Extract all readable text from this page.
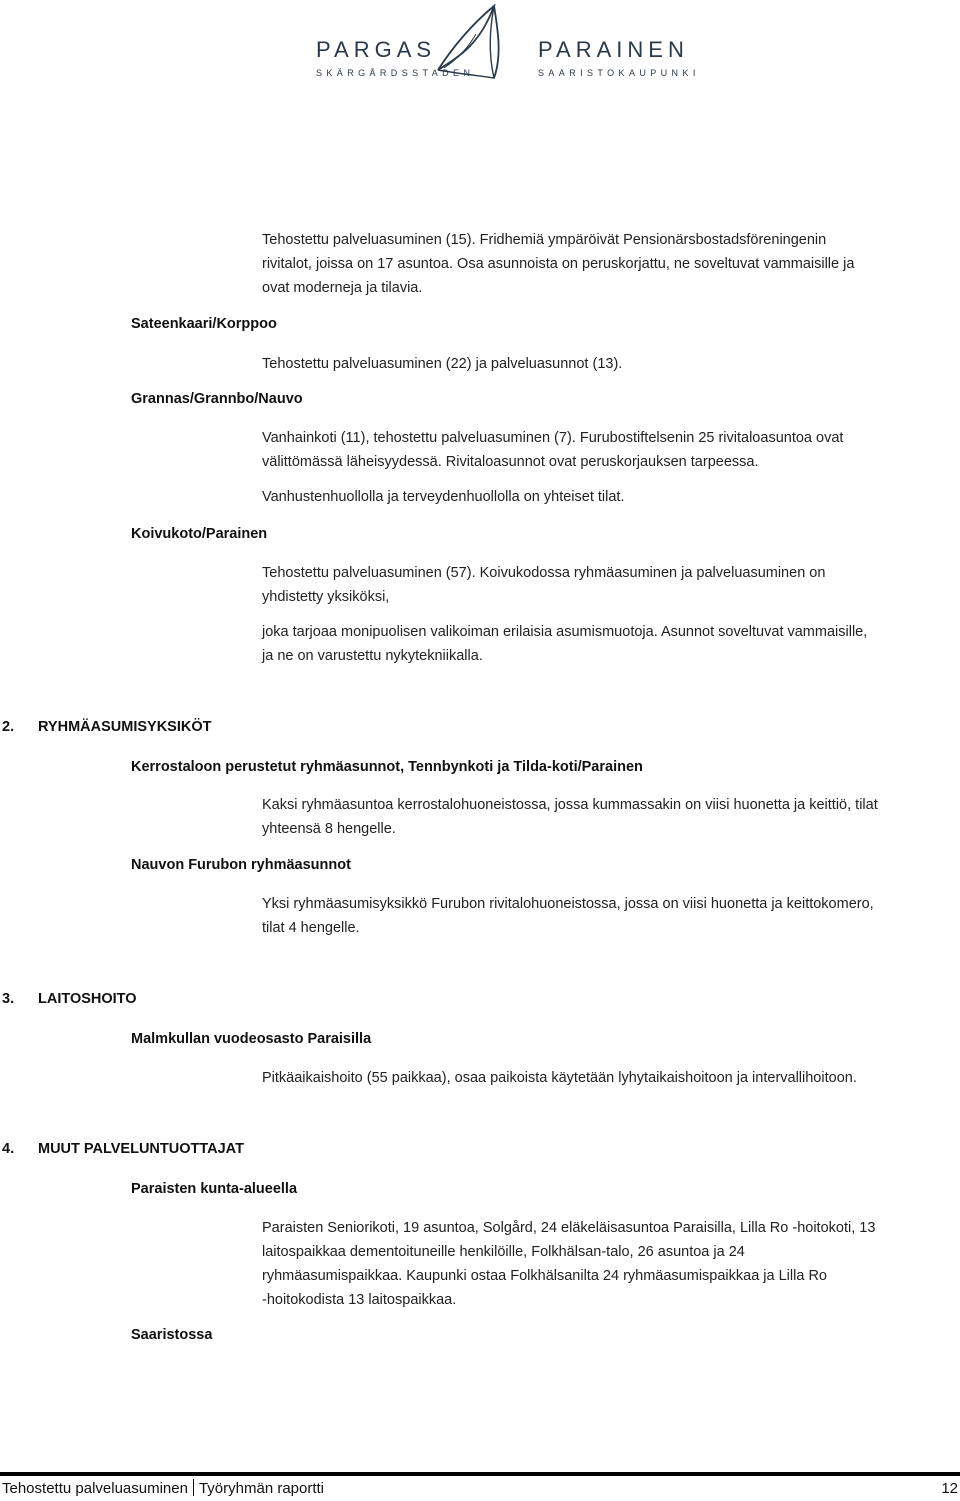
PARGAS
SKÄRGÅRDSSTADEN
PARAINEN
SAARISTOKAUPUNKI
Tehostettu palveluasuminen (15). Fridhemiä ympäröivät Pensionärsbostadsföreningenin
rivitalot, joissa on 17 asuntoa. Osa asunnoista on peruskorjattu, ne soveltuvat vammaisille ja
ovat moderneja ja tilavia.
Sateenkaari/Korppoo
Tehostettu palveluasuminen (22) ja palveluasunnot (13).
Grannas/Grannbo/Nauvo
Vanhainkoti (11), tehostettu palveluasuminen (7). Furubostiftelsenin 25 rivitaloasuntoa ovat
välittömässä läheisyydessä. Rivitaloasunnot ovat peruskorjauksen tarpeessa.
Vanhustenhuollolla ja terveydenhuollolla on yhteiset tilat.
Koivukoto/Parainen
Tehostettu palveluasuminen (57). Koivukodossa ryhmäasuminen ja palveluasuminen on
yhdistetty yksiköksi,
joka tarjoaa monipuolisen valikoiman erilaisia asumismuotoja. Asunnot soveltuvat vammaisille,
ja ne on varustettu nykytekniikalla.
2. RYHMÄASUMISYKSIKÖT
Kerrostaloon perustetut ryhmäasunnot, Tennbynkoti ja Tilda-koti/Parainen
Kaksi ryhmäasuntoa kerrostalohuoneistossa, jossa kummassakin on viisi huonetta ja keittiö, tilat
yhteensä 8 hengelle.
Nauvon Furubon ryhmäasunnot
Yksi ryhmäasumisyksikkö Furubon rivitalohuoneistossa, jossa on viisi huonetta ja keittokomero,
tilat 4 hengelle.
3. LAITOSHOITO
Malmkullan vuodeosasto Paraisilla
Pitkäaikaishoito (55 paikkaa), osaa paikoista käytetään lyhytaikaishoitoon ja intervallihoitoon.
4. MUUT PALVELUNTUOTTAJAT
Paraisten kunta-alueella
Paraisten Seniorikoti, 19 asuntoa, Solgård, 24 eläkeläisasuntoa Paraisilla, Lilla Ro -hoitokoti, 13
laitospaikkaa dementoituneille henkilöille, Folkhälsan-talo, 26 asuntoa ja 24
ryhmäasumispaikkaa. Kaupunki ostaa Folkhälsanilta 24 ryhmäasumispaikkaa ja Lilla Ro
-hoitokodista 13 laitospaikkaa.
Saaristossa
Tehostettu palveluasuminen Työryhmän raportti	12
